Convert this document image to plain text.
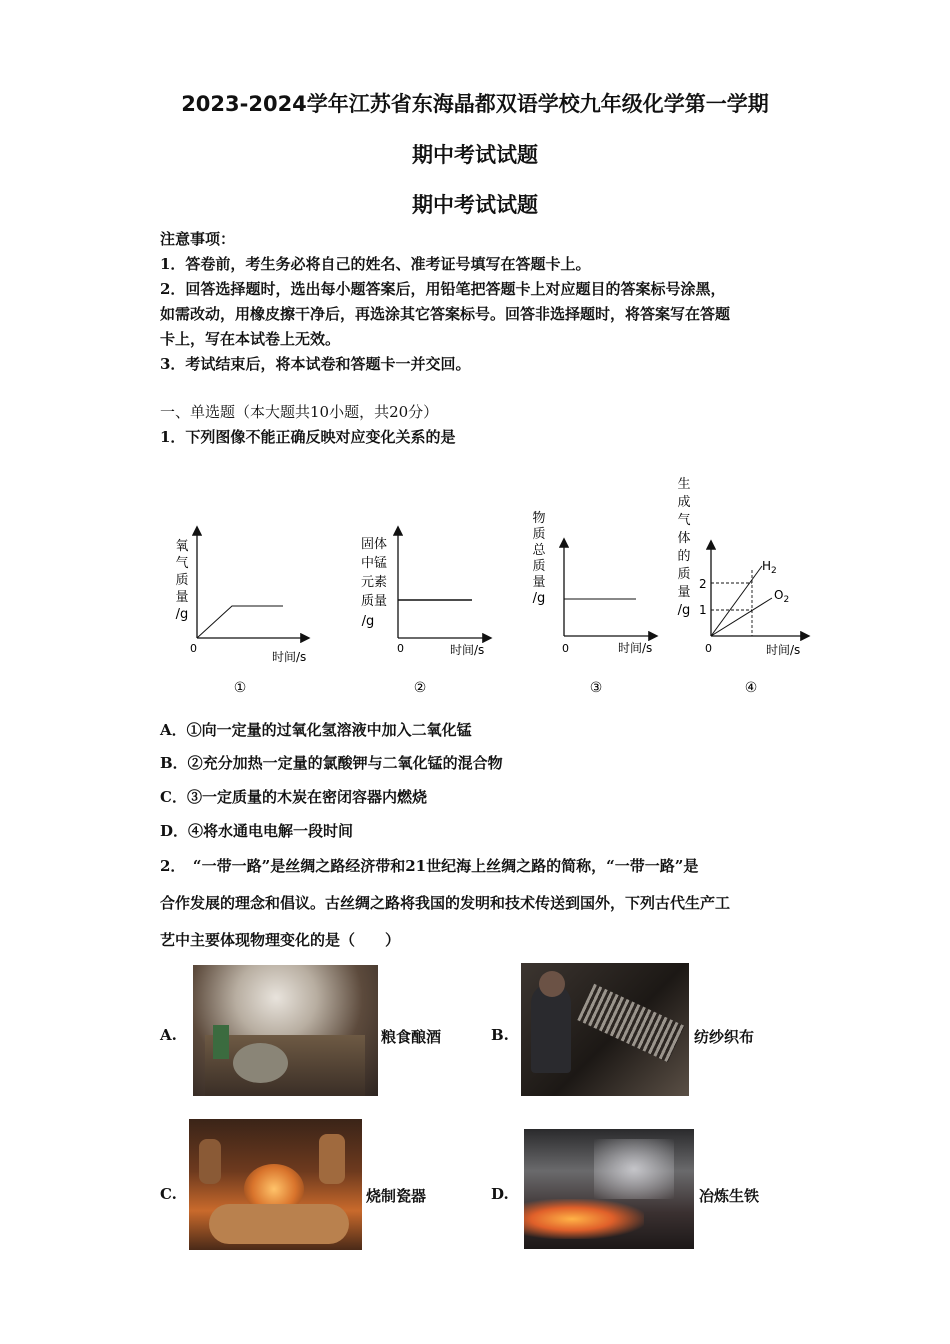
2023-2024学年江苏省东海晶都双语学校九年级化学第一学期
期中考试试题
期中考试试题
注意事项：
1．答卷前，考生务必将自己的姓名、准考证号填写在答题卡上。
2．回答选择题时，选出每小题答案后，用铅笔把答题卡上对应题目的答案标号涂黑，
如需改动，用橡皮擦干净后，再选涂其它答案标号。回答非选择题时，将答案写在答题
卡上，写在本试卷上无效。
3．考试结束后，将本试卷和答题卡一并交回。
一、单选题（本大题共10小题，共20分）
1．下列图像不能正确反映对应变化关系的是
氧气质量/g
0
时间/s
①
固体中锰元素质量/g
0	时间/s
②
物质总质量/g
0	时间/s
③
2
1
$H_2$
$O_2$
生成气体的质量/g
0	时间/s
④
A．①向一定量的过氧化氢溶液中加入二氧化锰
B．②充分加热一定量的氯酸钾与二氧化锰的混合物
C．③一定质量的木炭在密闭容器内燃烧
D．④将水通电电解一段时间
2．　“一带一路”是丝绸之路经济带和21世纪海上丝绸之路的简称，“一带一路”是
合作发展的理念和倡议。古丝绸之路将我国的发明和技术传送到国外，下列古代生产工
艺中主要体现物理变化的是（　　）
A.	粮食酿酒	B.	纺纱织布
C.	烧制瓷器	D.	冶炼生铁
